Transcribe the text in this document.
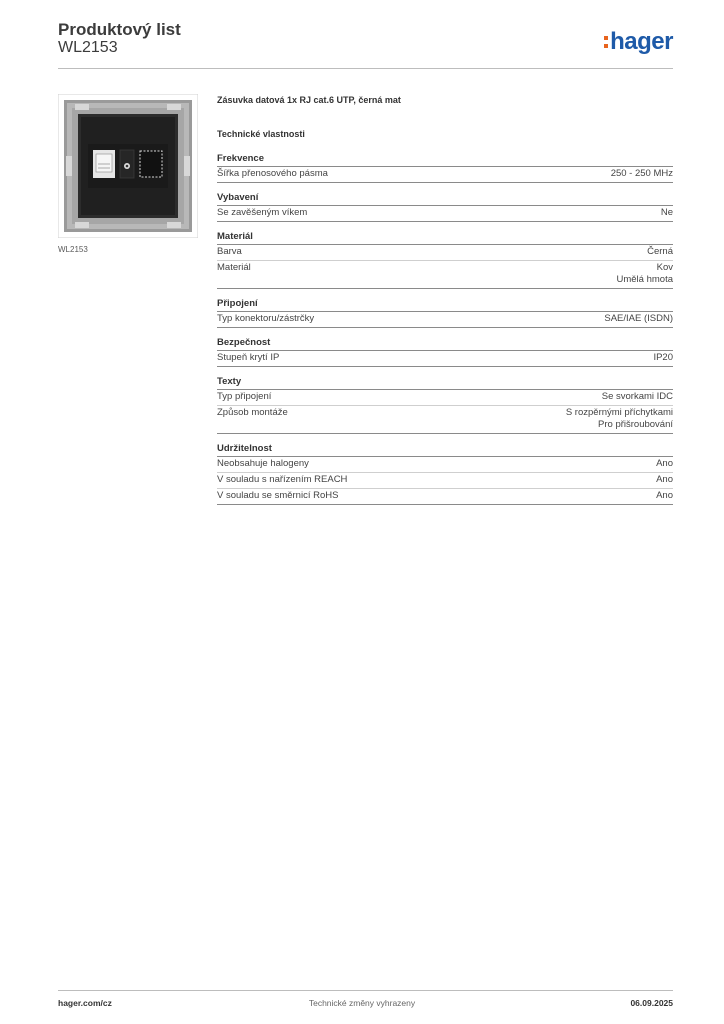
Produktový list
WL2153	hager
WL2153
Zásuvka datová 1x RJ cat.6 UTP, černá mat
Technické vlastnosti
Frekvence
Šířka přenosového pásma	250 - 250 MHz
Vybavení
Se zavěšeným víkem	Ne
Materiál
Barva	Černá
Materiál	Kov
Umělá hmota
Připojení
Typ konektoru/zástrčky	SAE/IAE (ISDN)
Bezpečnost
Stupeň krytí IP	IP20
Texty
Typ připojení	Se svorkami IDC
Způsob montáže	S rozpěrnými příchytkami
Pro přišroubování
Udržitelnost
Neobsahuje halogeny	Ano
V souladu s nařízením REACH	Ano
V souladu se směrnicí RoHS	Ano
hager.com/cz	Technické změny vyhrazeny	06.09.2025
